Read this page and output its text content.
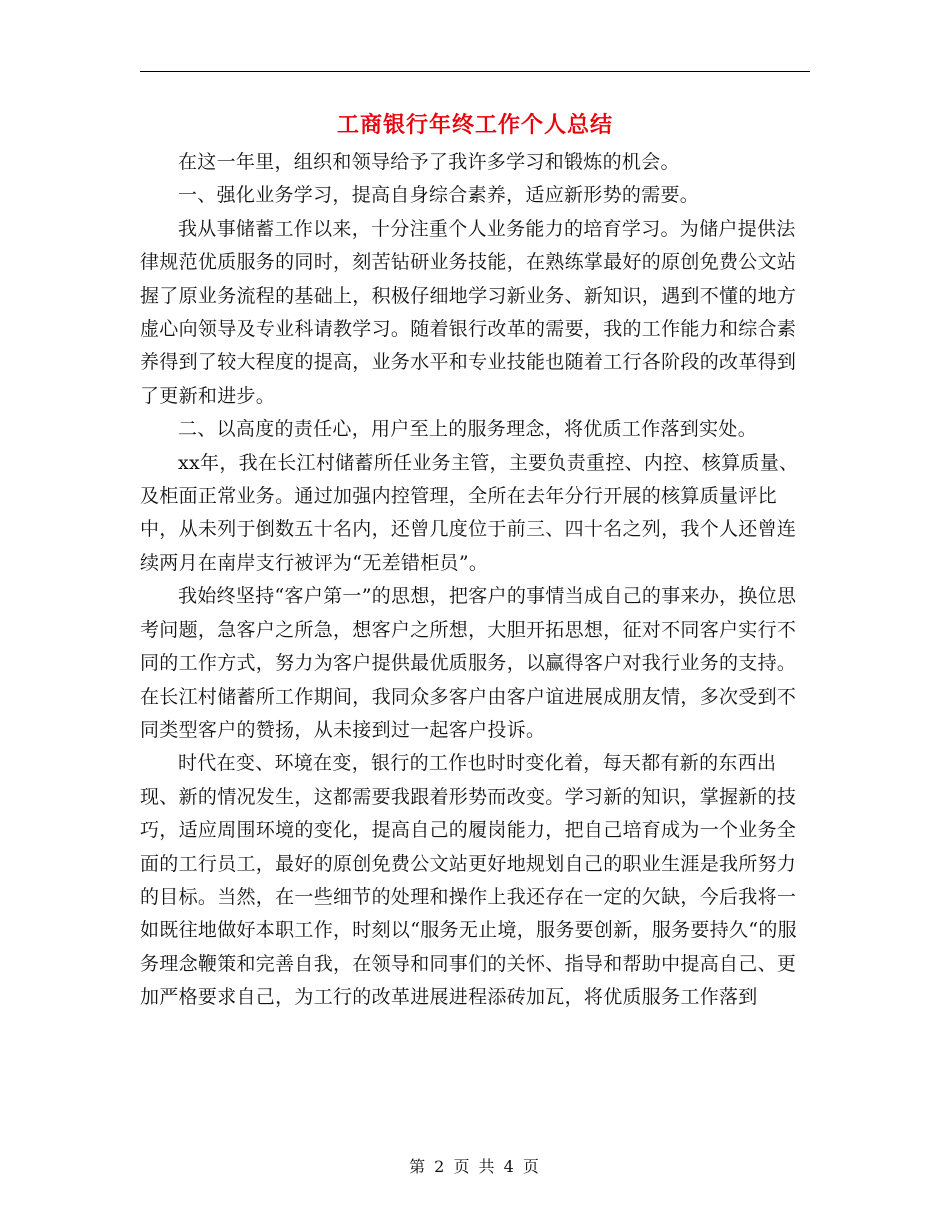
工商银行年终工作个人总结

在这一年里，组织和领导给予了我许多学习和锻炼的机会。

一、强化业务学习，提高自身综合素养，适应新形势的需要。

我从事储蓄工作以来，十分注重个人业务能力的培育学习。为储户提供法律规范优质服务的同时，刻苦钻研业务技能，在熟练掌最好的原创免费公文站握了原业务流程的基础上，积极仔细地学习新业务、新知识，遇到不懂的地方虚心向领导及专业科请教学习。随着银行改革的需要，我的工作能力和综合素养得到了较大程度的提高，业务水平和专业技能也随着工行各阶段的改革得到了更新和进步。

二、以高度的责任心，用户至上的服务理念，将优质工作落到实处。

xx年，我在长江村储蓄所任业务主管，主要负责重控、内控、核算质量、及柜面正常业务。通过加强内控管理，全所在去年分行开展的核算质量评比中，从未列于倒数五十名内，还曾几度位于前三、四十名之列，我个人还曾连续两月在南岸支行被评为“无差错柜员”。

我始终坚持“客户第一”的思想，把客户的事情当成自己的事来办，换位思考问题，急客户之所急，想客户之所想，大胆开拓思想，征对不同客户实行不同的工作方式，努力为客户提供最优质服务，以赢得客户对我行业务的支持。在长江村储蓄所工作期间，我同众多客户由客户谊进展成朋友情，多次受到不同类型客户的赞扬，从未接到过一起客户投诉。

时代在变、环境在变，银行的工作也时时变化着，每天都有新的东西出现、新的情况发生，这都需要我跟着形势而改变。学习新的知识，掌握新的技巧，适应周围环境的变化，提高自己的履岗能力，把自己培育成为一个业务全面的工行员工，最好的原创免费公文站更好地规划自己的职业生涯是我所努力的目标。当然，在一些细节的处理和操作上我还存在一定的欠缺，今后我将一如既往地做好本职工作，时刻以“服务无止境，服务要创新，服务要持久“的服务理念鞭策和完善自我，在领导和同事们的关怀、指导和帮助中提高自己、更加严格要求自己，为工行的改革进展进程添砖加瓦，将优质服务工作落到

第 2 页 共 4 页
